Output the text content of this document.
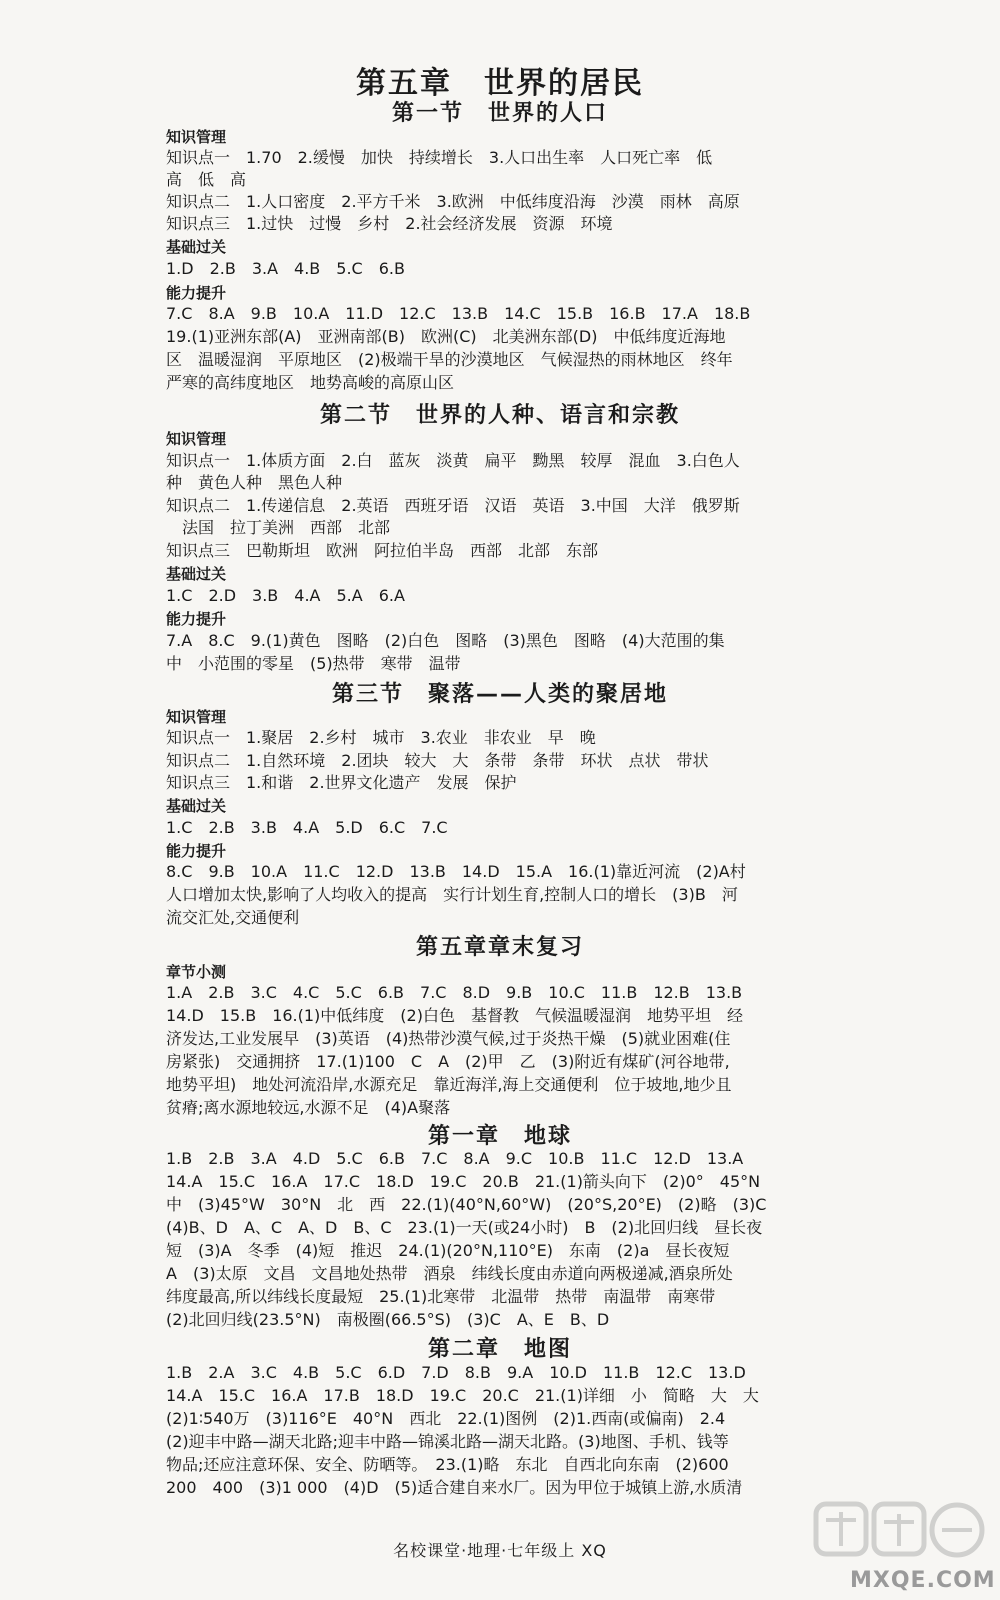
第五章　世界的居民
第一节　世界的人口
知识管理
知识点一　1.70　2.缓慢　加快　持续增长　3.人口出生率　人口死亡率　低
高　低　高
知识点二　1.人口密度　2.平方千米　3.欧洲　中低纬度沿海　沙漠　雨林　高原
知识点三　1.过快　过慢　乡村　2.社会经济发展　资源　环境
基础过关
1.D　2.B　3.A　4.B　5.C　6.B
能力提升
7.C　8.A　9.B　10.A　11.D　12.C　13.B　14.C　15.B　16.B　17.A　18.B
19.(1)亚洲东部(A)　亚洲南部(B)　欧洲(C)　北美洲东部(D)　中低纬度近海地
区　温暖湿润　平原地区　(2)极端干旱的沙漠地区　气候湿热的雨林地区　终年
严寒的高纬度地区　地势高峻的高原山区
第二节　世界的人种、语言和宗教
知识管理
知识点一　1.体质方面　2.白　蓝灰　淡黄　扁平　黝黑　较厚　混血　3.白色人
种　黄色人种　黑色人种
知识点二　1.传递信息　2.英语　西班牙语　汉语　英语　3.中国　大洋　俄罗斯
　法国　拉丁美洲　西部　北部
知识点三　巴勒斯坦　欧洲　阿拉伯半岛　西部　北部　东部
基础过关
1.C　2.D　3.B　4.A　5.A　6.A
能力提升
7.A　8.C　9.(1)黄色　图略　(2)白色　图略　(3)黑色　图略　(4)大范围的集
中　小范围的零星　(5)热带　寒带　温带
第三节　聚落——人类的聚居地
知识管理
知识点一　1.聚居　2.乡村　城市　3.农业　非农业　早　晚
知识点二　1.自然环境　2.团块　较大　大　条带　条带　环状　点状　带状
知识点三　1.和谐　2.世界文化遗产　发展　保护
基础过关
1.C　2.B　3.B　4.A　5.D　6.C　7.C
能力提升
8.C　9.B　10.A　11.C　12.D　13.B　14.D　15.A　16.(1)靠近河流　(2)A村
人口增加太快,影响了人均收入的提高　实行计划生育,控制人口的增长　(3)B　河
流交汇处,交通便利
第五章章末复习
章节小测
1.A　2.B　3.C　4.C　5.C　6.B　7.C　8.D　9.B　10.C　11.B　12.B　13.B
14.D　15.B　16.(1)中低纬度　(2)白色　基督教　气候温暖湿润　地势平坦　经
济发达,工业发展早　(3)英语　(4)热带沙漠气候,过于炎热干燥　(5)就业困难(住
房紧张)　交通拥挤　17.(1)100　C　A　(2)甲　乙　(3)附近有煤矿(河谷地带,
地势平坦)　地处河流沿岸,水源充足　靠近海洋,海上交通便利　位于坡地,地少且
贫瘠;离水源地较远,水源不足　(4)A聚落
第一章　地球
1.B　2.B　3.A　4.D　5.C　6.B　7.C　8.A　9.C　10.B　11.C　12.D　13.A
14.A　15.C　16.A　17.C　18.D　19.C　20.B　21.(1)箭头向下　(2)0°　45°N
中　(3)45°W　30°N　北　西　22.(1)(40°N,60°W)　(20°S,20°E)　(2)略　(3)C
(4)B、D　A、C　A、D　B、C　23.(1)一天(或24小时)　B　(2)北回归线　昼长夜
短　(3)A　冬季　(4)短　推迟　24.(1)(20°N,110°E)　东南　(2)a　昼长夜短
A　(3)太原　文昌　文昌地处热带　酒泉　纬线长度由赤道向两极递减,酒泉所处
纬度最高,所以纬线长度最短　25.(1)北寒带　北温带　热带　南温带　南寒带
(2)北回归线(23.5°N)　南极圈(66.5°S)　(3)C　A、E　B、D
第二章　地图
1.B　2.A　3.C　4.B　5.C　6.D　7.D　8.B　9.A　10.D　11.B　12.C　13.D
14.A　15.C　16.A　17.B　18.D　19.C　20.C　21.(1)详细　小　简略　大　大
(2)1∶540万　(3)116°E　40°N　西北　22.(1)图例　(2)1.西南(或偏南)　2.4
(2)迎丰中路—湖天北路;迎丰中路—锦溪北路—湖天北路。(3)地图、手机、钱等
物品;还应注意环保、安全、防晒等。　23.(1)略　东北　自西北向东南　(2)600
200　400　(3)1 000　(4)D　(5)适合建自来水厂。因为甲位于城镇上游,水质清
名校课堂·地理·七年级上 XQ
MXQE.COM
